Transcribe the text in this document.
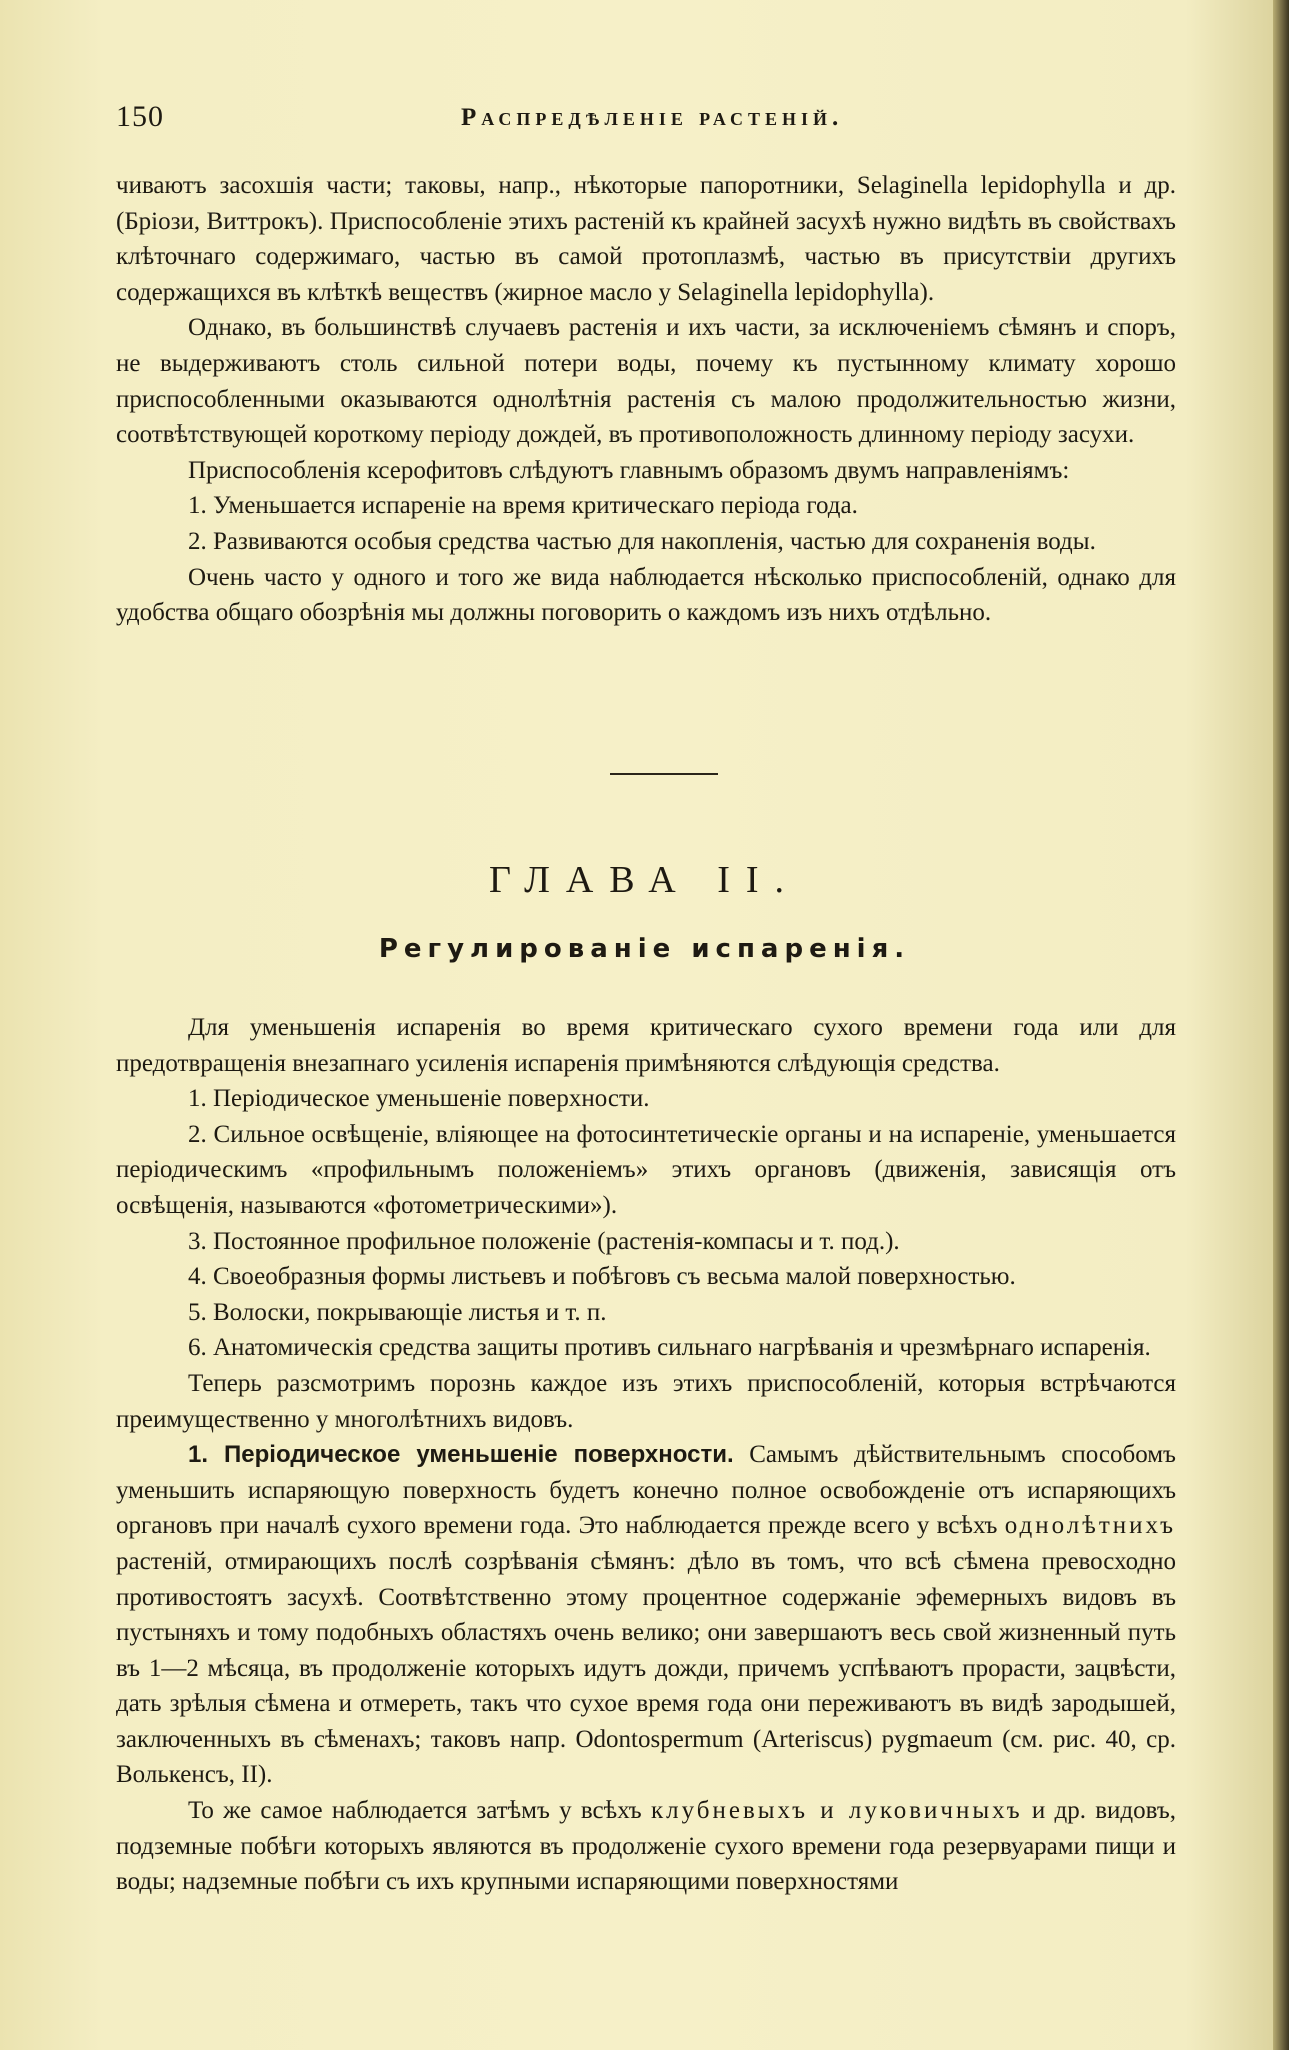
150	Распредѣленіе растеній.

чиваютъ засохшія части; таковы, напр., нѣкоторые папоротники, Selaginella lepidophylla и др. (Бріози, Виттрокъ). Приспособленіе этихъ растеній къ крайней засухѣ нужно видѣть въ свойствахъ клѣточнаго содержимаго, частью въ самой протоплазмѣ, частью въ присутствіи другихъ содержащихся въ клѣткѣ веществъ (жирное масло у Selaginella lepidophylla).

Однако, въ большинствѣ случаевъ растенія и ихъ части, за исключеніемъ сѣмянъ и споръ, не выдерживаютъ столь сильной потери воды, почему къ пустынному климату хорошо приспособленными оказываются однолѣтнія растенія съ малою продолжительностью жизни, соотвѣтствующей короткому періоду дождей, въ противоположность длинному періоду засухи.

Приспособленія ксерофитовъ слѣдуютъ главнымъ образомъ двумъ направленіямъ:

1. Уменьшается испареніе на время критическаго періода года.

2. Развиваются особыя средства частью для накопленія, частью для сохраненія воды.

Очень часто у одного и того же вида наблюдается нѣсколько приспособленій, однако для удобства общаго обозрѣнія мы должны поговорить о каждомъ изъ нихъ отдѣльно.

ГЛАВА II.
Регулированіе испаренія.

Для уменьшенія испаренія во время критическаго сухого времени года или для предотвращенія внезапнаго усиленія испаренія примѣняются слѣдующія средства.

1. Періодическое уменьшеніе поверхности.

2. Сильное освѣщеніе, вліяющее на фотосинтетическіе органы и на испареніе, уменьшается періодическимъ «профильнымъ положеніемъ» этихъ органовъ (движенія, зависящія отъ освѣщенія, называются «фотометрическими»).

3. Постоянное профильное положеніе (растенія-компасы и т. под.).

4. Своеобразныя формы листьевъ и побѣговъ съ весьма малой поверхностью.

5. Волоски, покрывающіе листья и т. п.

6. Анатомическія средства защиты противъ сильнаго нагрѣванія и чрезмѣрнаго испаренія.

Теперь разсмотримъ порознь каждое изъ этихъ приспособленій, которыя встрѣчаются преимущественно у многолѣтнихъ видовъ.

1. Періодическое уменьшеніе поверхности. Самымъ дѣйствительнымъ способомъ уменьшить испаряющую поверхность будетъ конечно полное освобожденіе отъ испаряющихъ органовъ при началѣ сухого времени года. Это наблюдается прежде всего у всѣхъ однолѣтнихъ растеній, отмирающихъ послѣ созрѣванія сѣмянъ: дѣло въ томъ, что всѣ сѣмена превосходно противостоятъ засухѣ. Соотвѣтственно этому процентное содержаніе эфемерныхъ видовъ въ пустыняхъ и тому подобныхъ областяхъ очень велико; они завершаютъ весь свой жизненный путь въ 1—2 мѣсяца, въ продолженіе которыхъ идутъ дожди, причемъ успѣваютъ прорасти, зацвѣсти, дать зрѣлыя сѣмена и отмереть, такъ что сухое время года они переживаютъ въ видѣ зародышей, заключенныхъ въ сѣменахъ; таковъ напр. Odontospermum (Arterіscus) pygmaeum (см. рис. 40, ср. Волькенсъ, II).

То же самое наблюдается затѣмъ у всѣхъ клубневыхъ и луковичныхъ и др. видовъ, подземные побѣги которыхъ являются въ продолженіе сухого времени года резервуарами пищи и воды; надземные побѣги съ ихъ крупными испаряющими поверхностями
